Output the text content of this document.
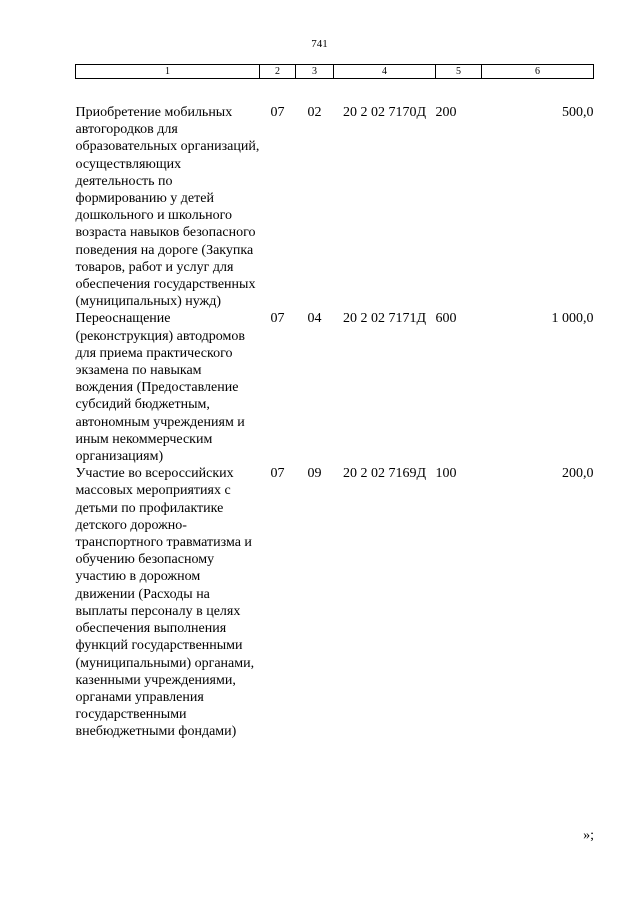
741
1	2	3	4	5	6
Приобретение мобильных автогородков для образовательных организаций, осуществляющих деятельность по формированию у детей дошкольного и школьного возраста навыков безопасного поведения на дороге (Закупка товаров, работ и услуг для обеспечения государственных (муниципальных) нужд)	07	02	20 2 02 7170Д	200	500,0
Переоснащение (реконструкция) автодромов для приема практического экзамена по навыкам вождения (Предоставление субсидий бюджетным, автономным учреждениям и иным некоммерческим организациям)	07	04	20 2 02 7171Д	600	1 000,0
Участие во всероссийских массовых мероприятиях с детьми по профилактике детского дорожно-транспортного травматизма и обучению безопасному участию в дорожном движении (Расходы на выплаты персоналу в целях обеспечения выполнения функций государственными (муниципальными) органами, казенными учреждениями, органами управления государственными внебюджетными фондами)	07	09	20 2 02 7169Д	100	200,0
»;
